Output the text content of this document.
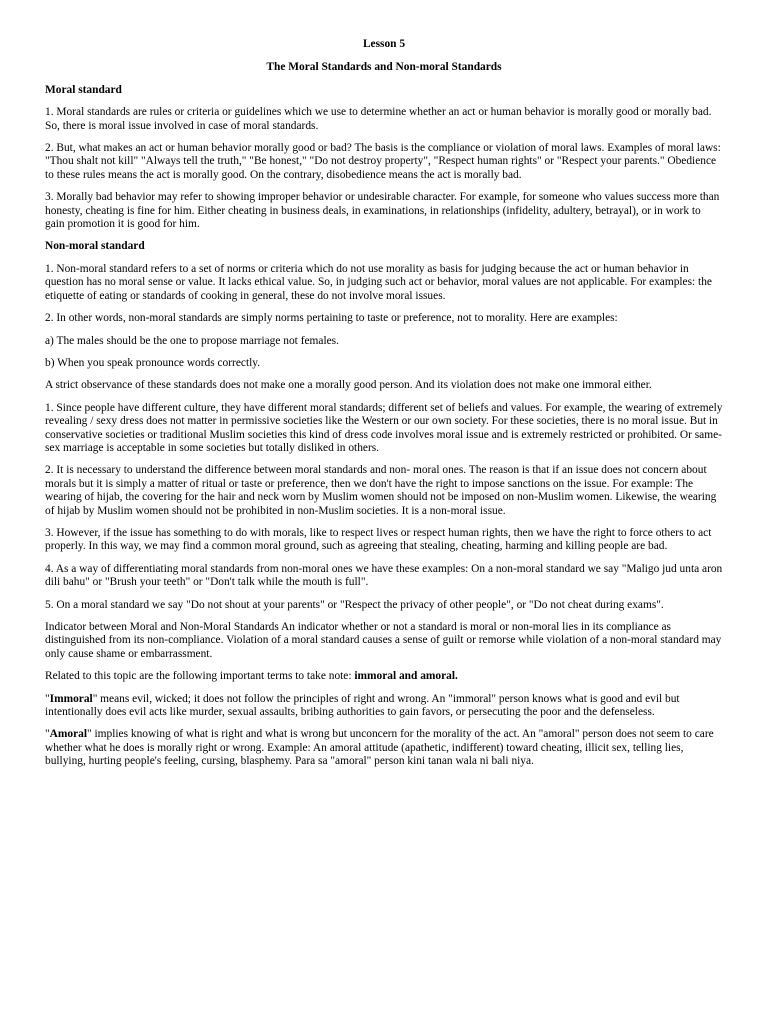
Lesson 5
The Moral Standards and Non-moral Standards
Moral standard

1. Moral standards are rules or criteria or guidelines which we use to determine whether an act or human behavior is morally good or morally bad. So, there is moral issue involved in case of moral standards.

2. But, what makes an act or human behavior morally good or bad? The basis is the compliance or violation of moral laws. Examples of moral laws: "Thou shalt not kill" "Always tell the truth," "Be honest," "Do not destroy property", "Respect human rights" or "Respect your parents." Obedience to these rules means the act is morally good. On the contrary, disobedience means the act is morally bad.

3. Morally bad behavior may refer to showing improper behavior or undesirable character. For example, for someone who values success more than honesty, cheating is fine for him. Either cheating in business deals, in examinations, in relationships (infidelity, adultery, betrayal), or in work to gain promotion it is good for him.

Non-moral standard

1. Non-moral standard refers to a set of norms or criteria which do not use morality as basis for judging because the act or human behavior in question has no moral sense or value. It lacks ethical value. So, in judging such act or behavior, moral values are not applicable. For examples: the etiquette of eating or standards of cooking in general, these do not involve moral issues.

2. In other words, non-moral standards are simply norms pertaining to taste or preference, not to morality. Here are examples:

a) The males should be the one to propose marriage not females.

b) When you speak pronounce words correctly.

A strict observance of these standards does not make one a morally good person. And its violation does not make one immoral either.

1. Since people have different culture, they have different moral standards; different set of beliefs and values. For example, the wearing of extremely revealing / sexy dress does not matter in permissive societies like the Western or our own society. For these societies, there is no moral issue. But in conservative societies or traditional Muslim societies this kind of dress code involves moral issue and is extremely restricted or prohibited. Or same-sex marriage is acceptable in some societies but totally disliked in others.

2. It is necessary to understand the difference between moral standards and non- moral ones. The reason is that if an issue does not concern about morals but it is simply a matter of ritual or taste or preference, then we don't have the right to impose sanctions on the issue. For example: The wearing of hijab, the covering for the hair and neck worn by Muslim women should not be imposed on non-Muslim women. Likewise, the wearing of hijab by Muslim women should not be prohibited in non-Muslim societies. It is a non-moral issue.

3. However, if the issue has something to do with morals, like to respect lives or respect human rights, then we have the right to force others to act properly. In this way, we may find a common moral ground, such as agreeing that stealing, cheating, harming and killing people are bad.

4. As a way of differentiating moral standards from non-moral ones we have these examples: On a non-moral standard we say "Maligo jud unta aron dili bahu" or "Brush your teeth" or "Don't talk while the mouth is full".

5. On a moral standard we say "Do not shout at your parents" or "Respect the privacy of other people", or "Do not cheat during exams".

Indicator between Moral and Non-Moral Standards An indicator whether or not a standard is moral or non-moral lies in its compliance as distinguished from its non-compliance. Violation of a moral standard causes a sense of guilt or remorse while violation of a non-moral standard may only cause shame or embarrassment.

Related to this topic are the following important terms to take note: immoral and amoral.

"Immoral" means evil, wicked; it does not follow the principles of right and wrong. An "immoral" person knows what is good and evil but intentionally does evil acts like murder, sexual assaults, bribing authorities to gain favors, or persecuting the poor and the defenseless.

"Amoral" implies knowing of what is right and what is wrong but unconcern for the morality of the act. An "amoral" person does not seem to care whether what he does is morally right or wrong. Example: An amoral attitude (apathetic, indifferent) toward cheating, illicit sex, telling lies, bullying, hurting people's feeling, cursing, blasphemy. Para sa "amoral" person kini tanan wala ni bali niya.
